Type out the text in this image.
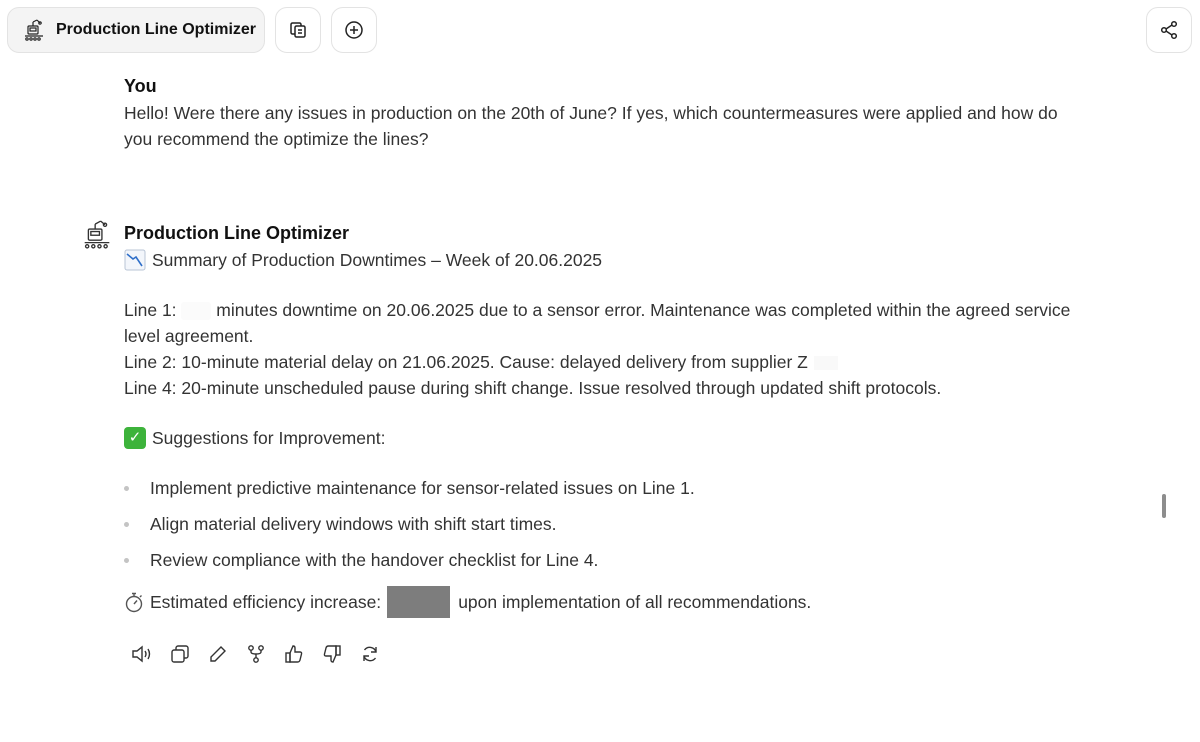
Production Line Optimizer
You
Hello! Were there any issues in production on the 20th of June? If yes, which countermeasures were applied and how do you recommend the optimize the lines?
Production Line Optimizer
Summary of Production Downtimes – Week of 20.06.2025
Line 1: minutes downtime on 20.06.2025 due to a sensor error. Maintenance was completed within the agreed service level agreement.
Line 2: 10-minute material delay on 21.06.2025. Cause: delayed delivery from supplier Z
Line 4: 20-minute unscheduled pause during shift change. Issue resolved through updated shift protocols.
✓ Suggestions for Improvement:
Implement predictive maintenance for sensor-related issues on Line 1.
Align material delivery windows with shift start times.
Review compliance with the handover checklist for Line 4.
Estimated efficiency increase:	upon implementation of all recommendations.
